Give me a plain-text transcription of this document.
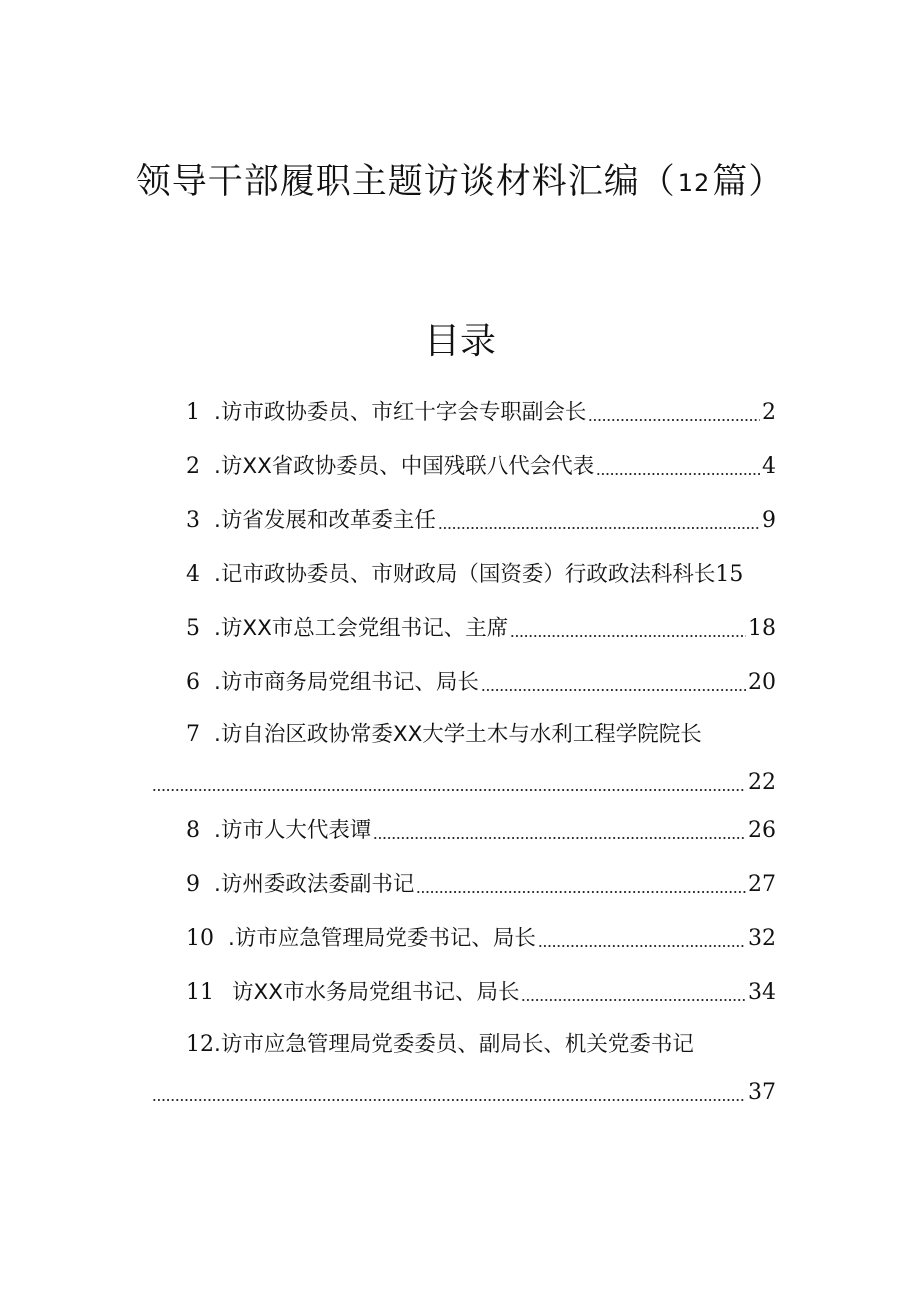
领导干部履职主题访谈材料汇编（12篇）
目录
1 .访市政协委员、市红十字会专职副会长	2
2 .访XX省政协委员、中国残联八代会代表	4
3 .访省发展和改革委主任	9
4 .记市政协委员、市财政局（国资委）行政政法科科长 15
5 .访XX市总工会党组书记、主席	18
6 .访市商务局党组书记、局长	20
7 .访自治区政协常委XX大学土木与水利工程学院院长
22
8 .访市人大代表谭	26
9 .访州委政法委副书记	27
10 .访市应急管理局党委书记、局长	32
11 访XX市水务局党组书记、局长	34
12 .访市应急管理局党委委员、副局长、机关党委书记
37
